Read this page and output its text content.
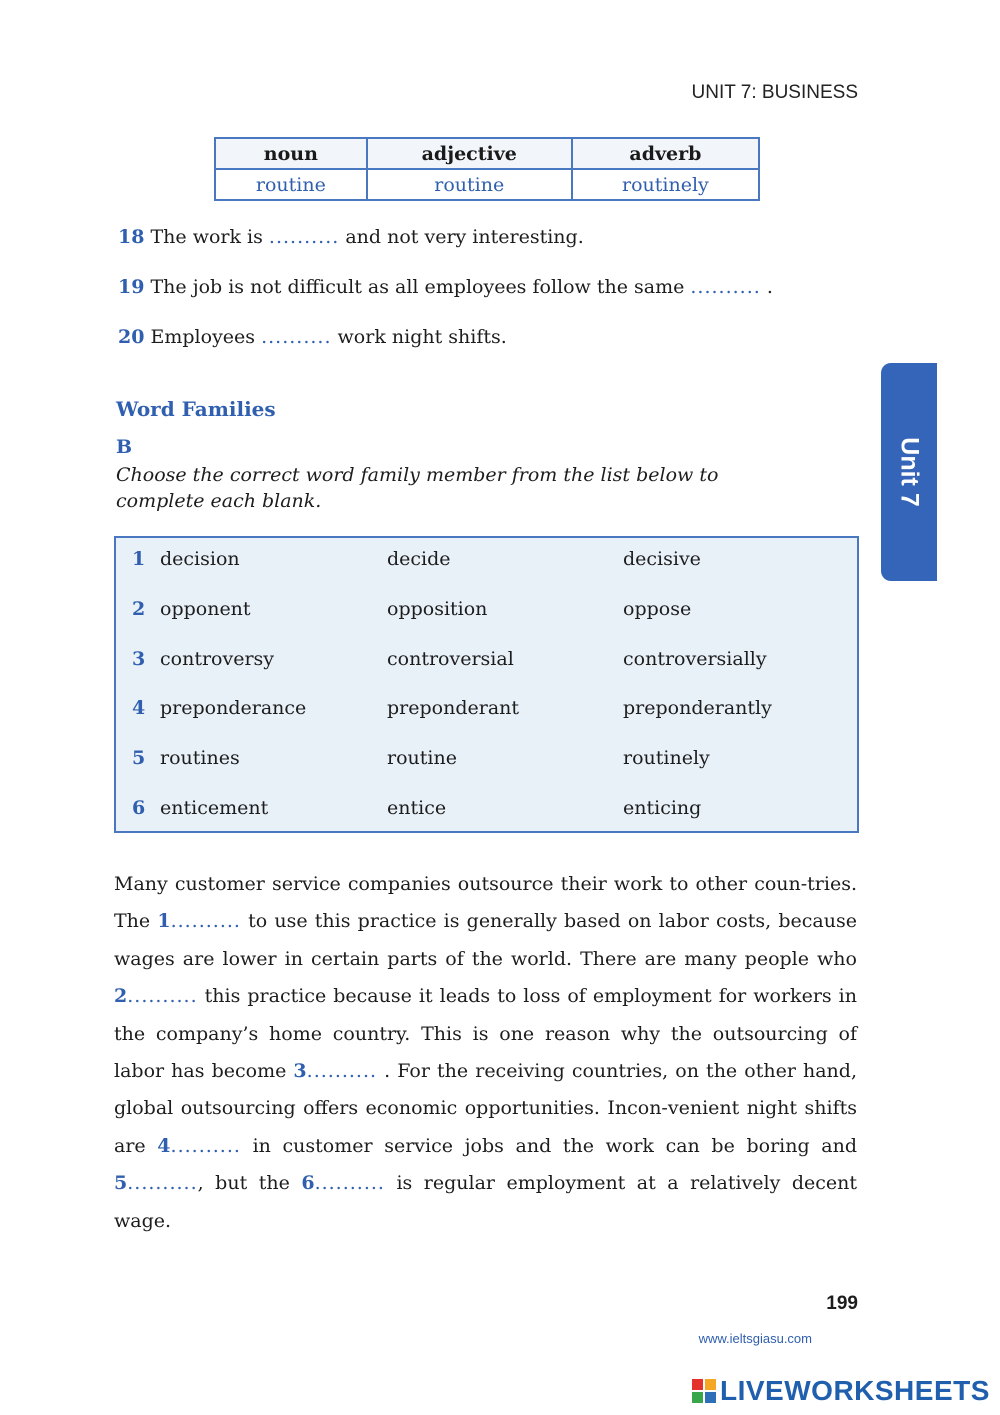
UNIT 7: BUSINESS
noun	adjective	adverb
routine	routine	routinely
18 The work is .......... and not very interesting.
19 The job is not difficult as all employees follow the same .......... .
20 Employees .......... work night shifts.
Word Families
B
Choose the correct word family member from the list below to complete each blank.
1 decision	decide	decisive
2 opponent	opposition	oppose
3 controversy	controversial	controversially
4 preponderance	preponderant	preponderantly
5 routines	routine	routinely
6 enticement	entice	enticing
Unit 7
Many customer service companies outsource their work to other coun-tries. The 1.......... to use this practice is generally based on labor costs, because wages are lower in certain parts of the world. There are many people who 2.......... this practice because it leads to loss of employment for workers in the company’s home country. This is one reason why the outsourcing of labor has become 3.......... . For the receiving countries, on the other hand, global outsourcing offers economic opportunities. Incon-venient night shifts are 4.......... in customer service jobs and the work can be boring and 5.........., but the 6.......... is regular employment at a relatively decent wage.
199
www.ieltsgiasu.com
LIVEWORKSHEETS
